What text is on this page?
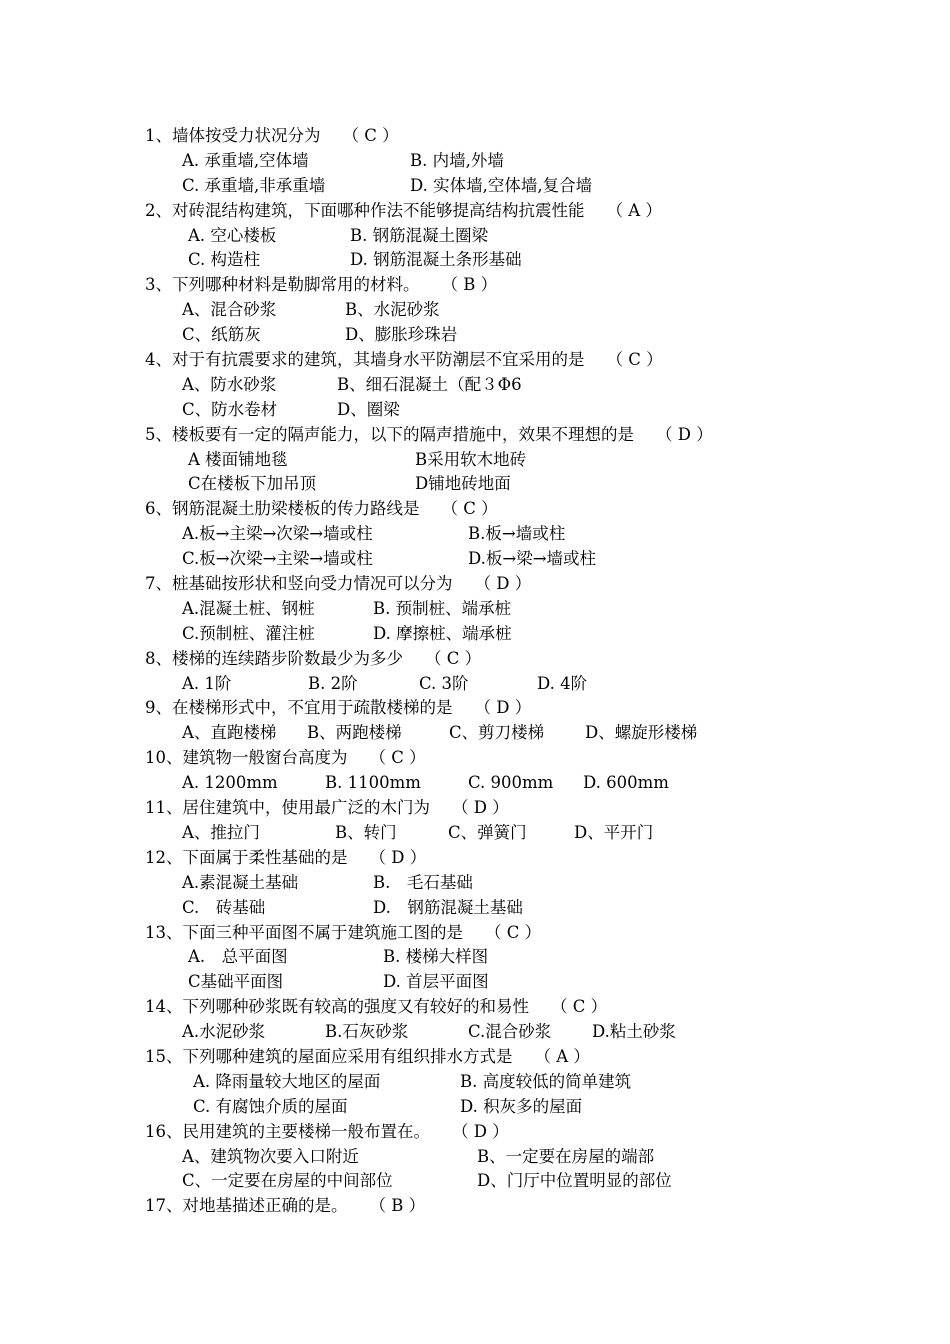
1、墙体按受力状况分为 （ C ）
A. 承重墙,空体墙	B. 内墙,外墙
C. 承重墙,非承重墙	D. 实体墙,空体墙,复合墙
2、对砖混结构建筑，下面哪种作法不能够提高结构抗震性能 （ A ）
A. 空心楼板	B. 钢筋混凝土圈梁
C. 构造柱	D. 钢筋混凝土条形基础
3、下列哪种材料是勒脚常用的材料。 （ B ）
A、混合砂浆	B、水泥砂浆
C、纸筋灰	D、膨胀珍珠岩
4、对于有抗震要求的建筑，其墙身水平防潮层不宜采用的是 （ C ）
A、防水砂浆	B、细石混凝土（配３Φ6
C、防水卷材	D、圈梁
5、楼板要有一定的隔声能力，以下的隔声措施中，效果不理想的是 （ D ）
A 楼面铺地毯	B采用软木地砖
C在楼板下加吊顶	D铺地砖地面
6、钢筋混凝土肋梁楼板的传力路线是 （ C ）
A.板→主梁→次梁→墙或柱	B.板→墙或柱
C.板→次梁→主梁→墙或柱	D.板→梁→墙或柱
7、桩基础按形状和竖向受力情况可以分为 （ D ）
A.混凝土桩、钢桩	B. 预制桩、端承桩
C.预制桩、灌注桩	D. 摩擦桩、端承桩
8、楼梯的连续踏步阶数最少为多少 （ C ）
A. 1阶	B. 2阶	C. 3阶	D. 4阶
9、在楼梯形式中，不宜用于疏散楼梯的是 （ D ）
A、直跑楼梯 B、两跑楼梯	C、剪刀楼梯 D、螺旋形楼梯
10、建筑物一般窗台高度为 （ C ）
A. 1200mm	B. 1100mm	C. 900mm D. 600mm
11、居住建筑中，使用最广泛的木门为 （ D ）
A、推拉门	B、转门	C、弹簧门	D、平开门
12、下面属于柔性基础的是 （ D ）
A.素混凝土基础	B.　毛石基础
C.　砖基础	D.　钢筋混凝土基础
13、下面三种平面图不属于建筑施工图的是 （ C ）
A.　总平面图	B. 楼梯大样图
C基础平面图	D. 首层平面图
14、下列哪种砂浆既有较高的强度又有较好的和易性 （ C ）
A.水泥砂浆	B.石灰砂浆	C.混合砂浆 D.粘土砂浆
15、下列哪种建筑的屋面应采用有组织排水方式是 （ A ）
A. 降雨量较大地区的屋面	B. 高度较低的简单建筑
C. 有腐蚀介质的屋面	D. 积灰多的屋面
16、民用建筑的主要楼梯一般布置在。 （ D ）
A、建筑物次要入口附近	B、一定要在房屋的端部
C、一定要在房屋的中间部位	D、门厅中位置明显的部位
17、对地基描述正确的是。 （ B ）
